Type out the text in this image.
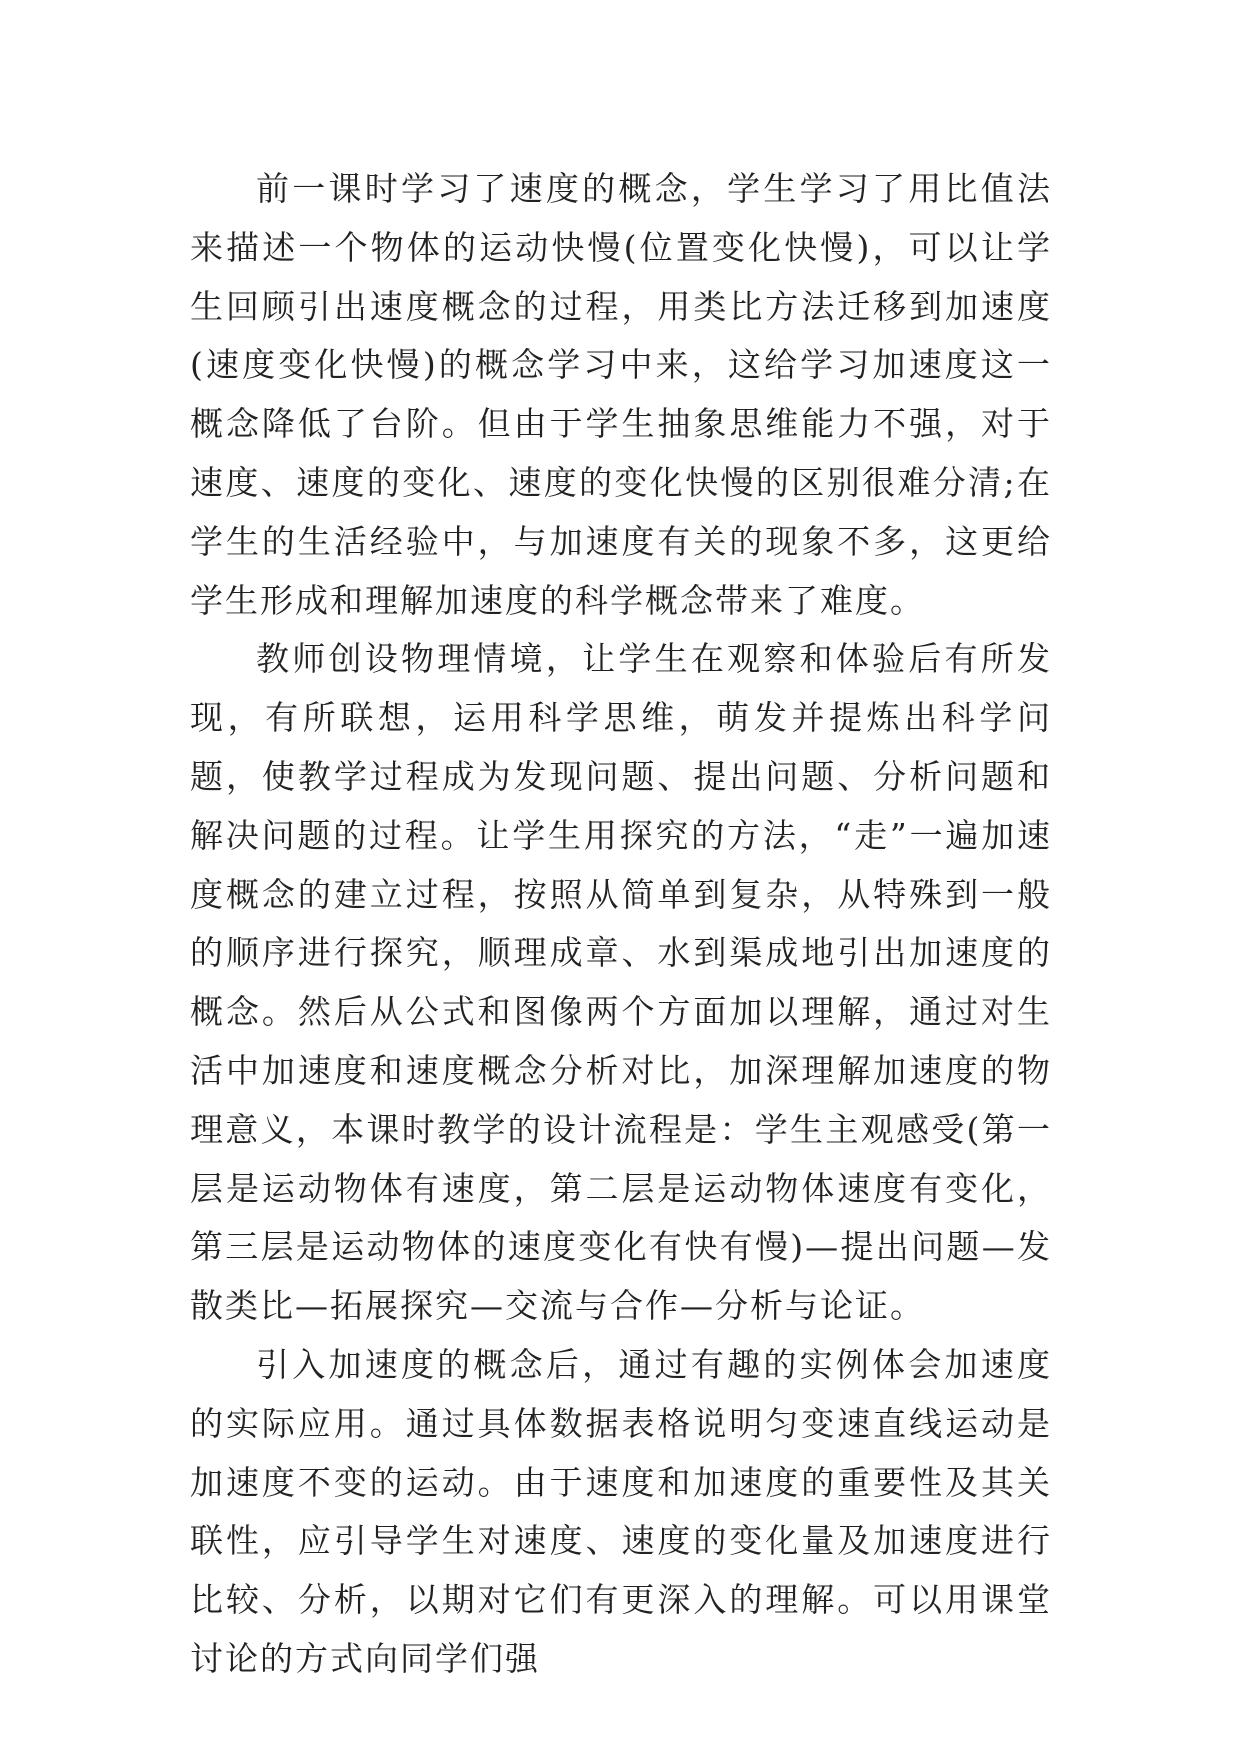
前一课时学习了速度的概念，学生学习了用比值法来描述一个物体的运动快慢(位置变化快慢)，可以让学生回顾引出速度概念的过程，用类比方法迁移到加速度(速度变化快慢)的概念学习中来，这给学习加速度这一概念降低了台阶。但由于学生抽象思维能力不强，对于速度、速度的变化、速度的变化快慢的区别很难分清;在学生的生活经验中，与加速度有关的现象不多，这更给学生形成和理解加速度的科学概念带来了难度。

教师创设物理情境，让学生在观察和体验后有所发现，有所联想，运用科学思维，萌发并提炼出科学问题，使教学过程成为发现问题、提出问题、分析问题和解决问题的过程。让学生用探究的方法，“走”一遍加速度概念的建立过程，按照从简单到复杂，从特殊到一般的顺序进行探究，顺理成章、水到渠成地引出加速度的概念。然后从公式和图像两个方面加以理解，通过对生活中加速度和速度概念分析对比，加深理解加速度的物理意义，本课时教学的设计流程是：学生主观感受(第一层是运动物体有速度，第二层是运动物体速度有变化，第三层是运动物体的速度变化有快有慢)—提出问题—发散类比—拓展探究—交流与合作—分析与论证。

引入加速度的概念后，通过有趣的实例体会加速度的实际应用。通过具体数据表格说明匀变速直线运动是加速度不变的运动。由于速度和加速度的重要性及其关联性，应引导学生对速度、速度的变化量及加速度进行比较、分析，以期对它们有更深入的理解。可以用课堂讨论的方式向同学们强
